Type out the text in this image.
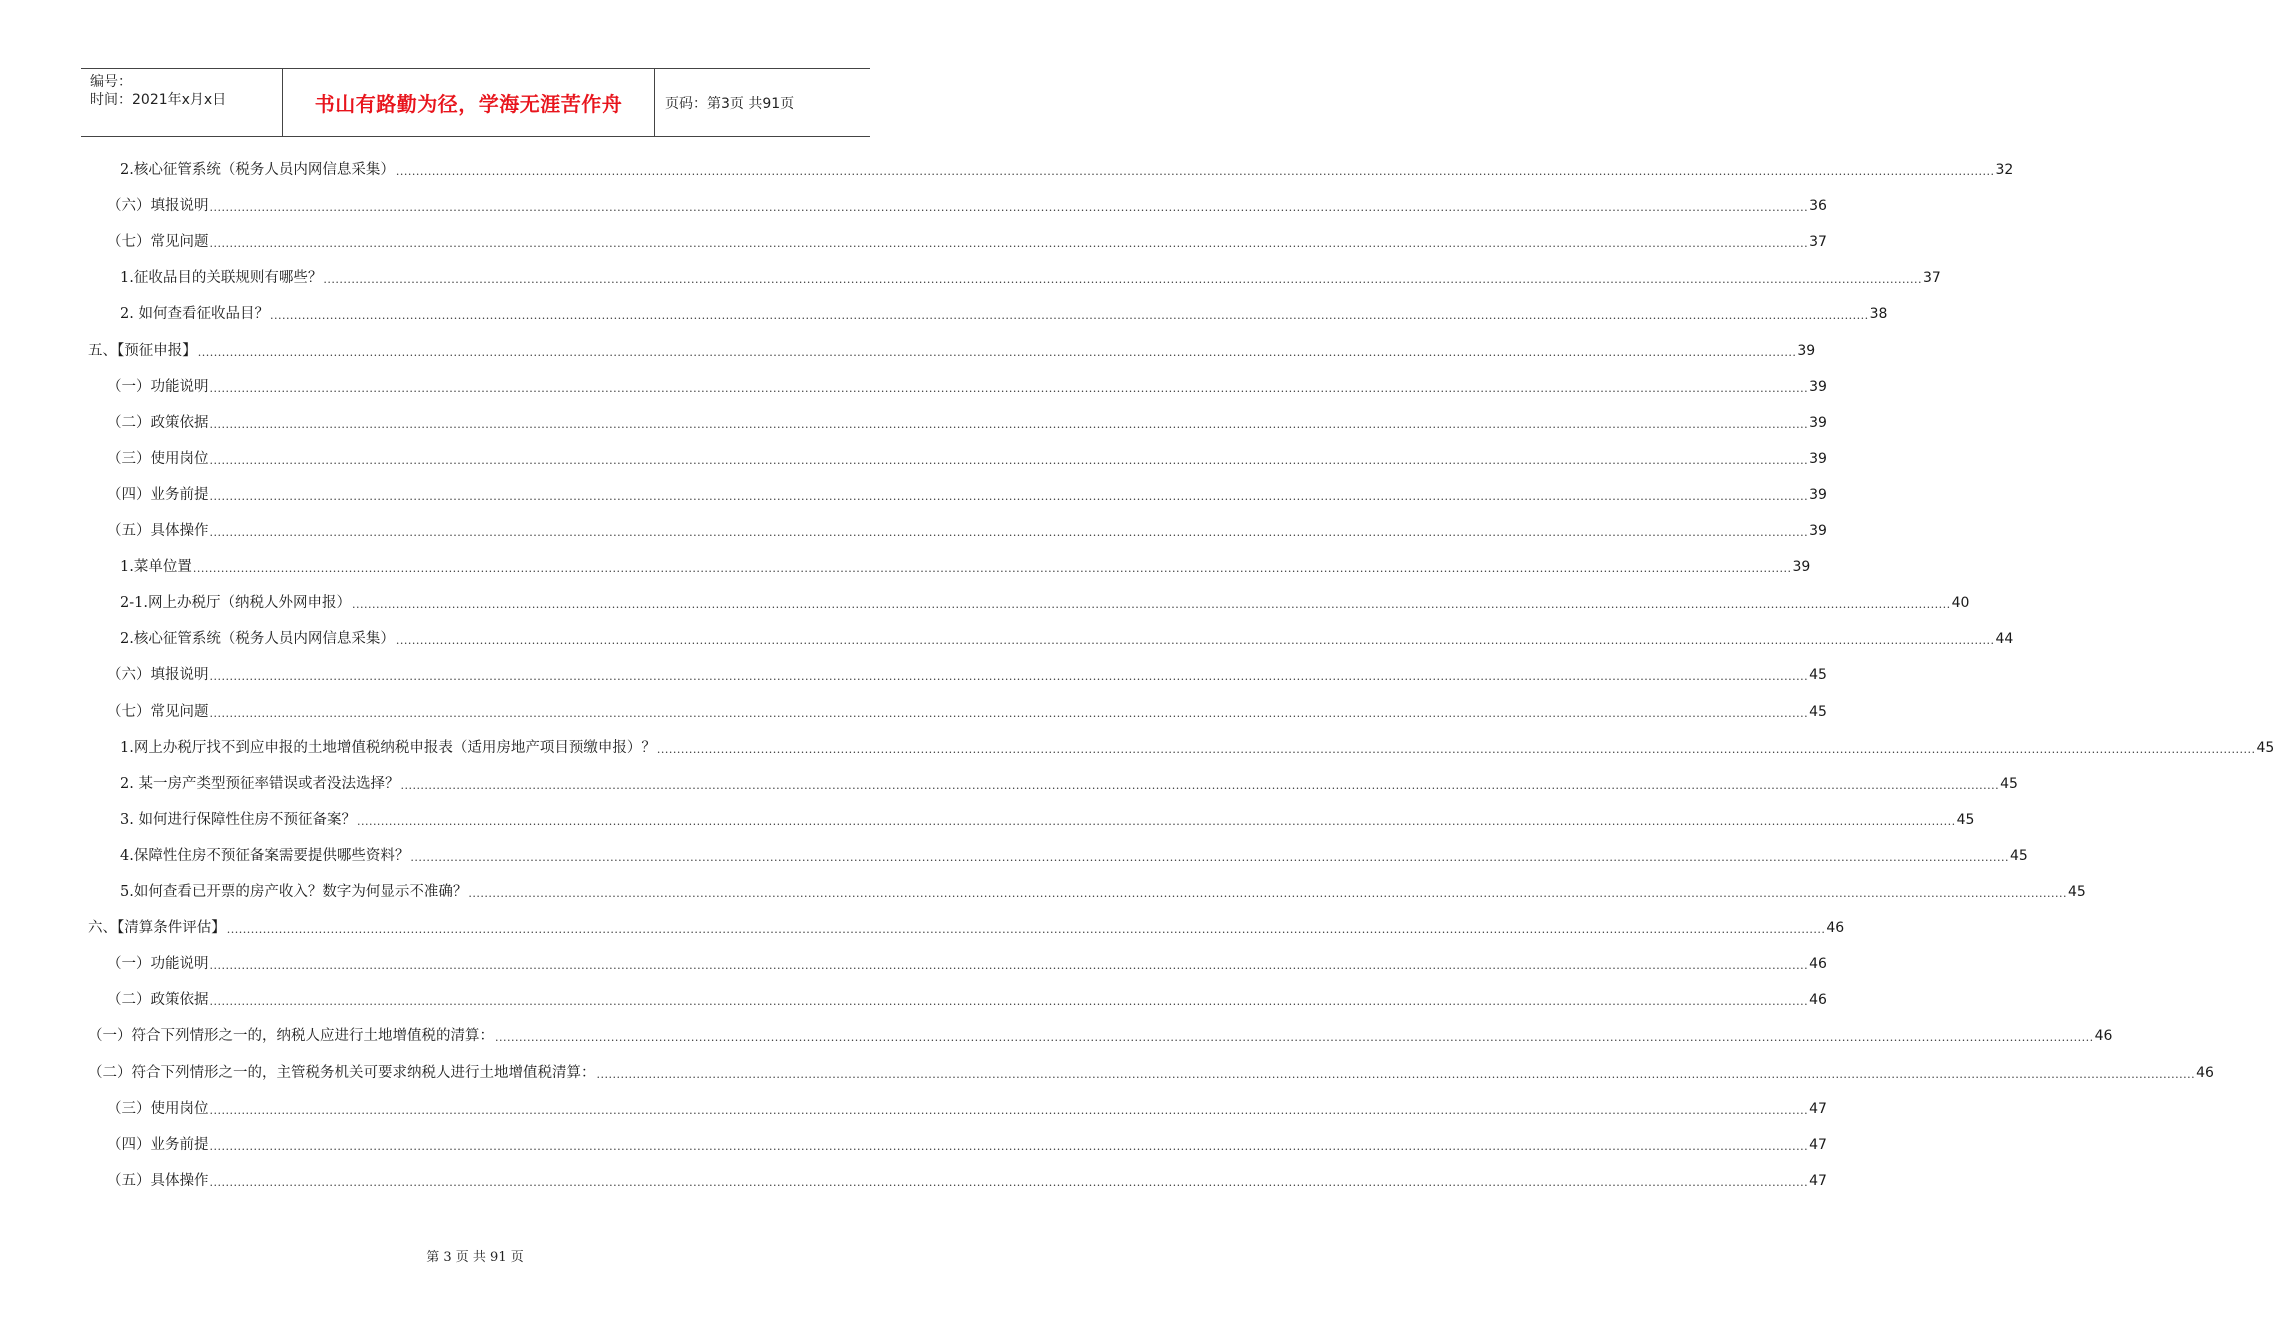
编号：
时间：2021年x月x日	书山有路勤为径，学海无涯苦作舟	页码：第3页 共91页
2.核心征管系统（税务人员内网信息采集） ................................................................................................................................................................................................................................................................................................................................................................................................................ 32
（六）填报说明 ................................................................................................................................................................................................................................................................................................................................................................................................................ 36
（七）常见问题 ................................................................................................................................................................................................................................................................................................................................................................................................................ 37
1.征收品目的关联规则有哪些？ ................................................................................................................................................................................................................................................................................................................................................................................................................ 37
2. 如何查看征收品目？ ................................................................................................................................................................................................................................................................................................................................................................................................................ 38
五、【预征申报】 ................................................................................................................................................................................................................................................................................................................................................................................................................ 39
（一）功能说明 ................................................................................................................................................................................................................................................................................................................................................................................................................ 39
（二）政策依据 ................................................................................................................................................................................................................................................................................................................................................................................................................ 39
（三）使用岗位 ................................................................................................................................................................................................................................................................................................................................................................................................................ 39
（四）业务前提 ................................................................................................................................................................................................................................................................................................................................................................................................................ 39
（五）具体操作 ................................................................................................................................................................................................................................................................................................................................................................................................................ 39
1.菜单位置 ................................................................................................................................................................................................................................................................................................................................................................................................................ 39
2-1.网上办税厅（纳税人外网申报） ................................................................................................................................................................................................................................................................................................................................................................................................................ 40
2.核心征管系统（税务人员内网信息采集） ................................................................................................................................................................................................................................................................................................................................................................................................................ 44
（六）填报说明 ................................................................................................................................................................................................................................................................................................................................................................................................................ 45
（七）常见问题 ................................................................................................................................................................................................................................................................................................................................................................................................................ 45
1.网上办税厅找不到应申报的土地增值税纳税申报表（适用房地产项目预缴申报）？ ................................................................................................................................................................................................................................................................................................................................................................................................................ 45
2. 某一房产类型预征率错误或者没法选择？ ................................................................................................................................................................................................................................................................................................................................................................................................................ 45
3. 如何进行保障性住房不预征备案？ ................................................................................................................................................................................................................................................................................................................................................................................................................ 45
4.保障性住房不预征备案需要提供哪些资料？ ................................................................................................................................................................................................................................................................................................................................................................................................................ 45
5.如何查看已开票的房产收入？数字为何显示不准确？ ................................................................................................................................................................................................................................................................................................................................................................................................................ 45
六、【清算条件评估】 ................................................................................................................................................................................................................................................................................................................................................................................................................ 46
（一）功能说明 ................................................................................................................................................................................................................................................................................................................................................................................................................ 46
（二）政策依据 ................................................................................................................................................................................................................................................................................................................................................................................................................ 46
（一）符合下列情形之一的，纳税人应进行土地增值税的清算： ................................................................................................................................................................................................................................................................................................................................................................................................................ 46
（二）符合下列情形之一的，主管税务机关可要求纳税人进行土地增值税清算： ................................................................................................................................................................................................................................................................................................................................................................................................................ 46
（三）使用岗位 ................................................................................................................................................................................................................................................................................................................................................................................................................ 47
（四）业务前提 ................................................................................................................................................................................................................................................................................................................................................................................................................ 47
（五）具体操作 ................................................................................................................................................................................................................................................................................................................................................................................................................ 47
第 3 页 共 91 页
